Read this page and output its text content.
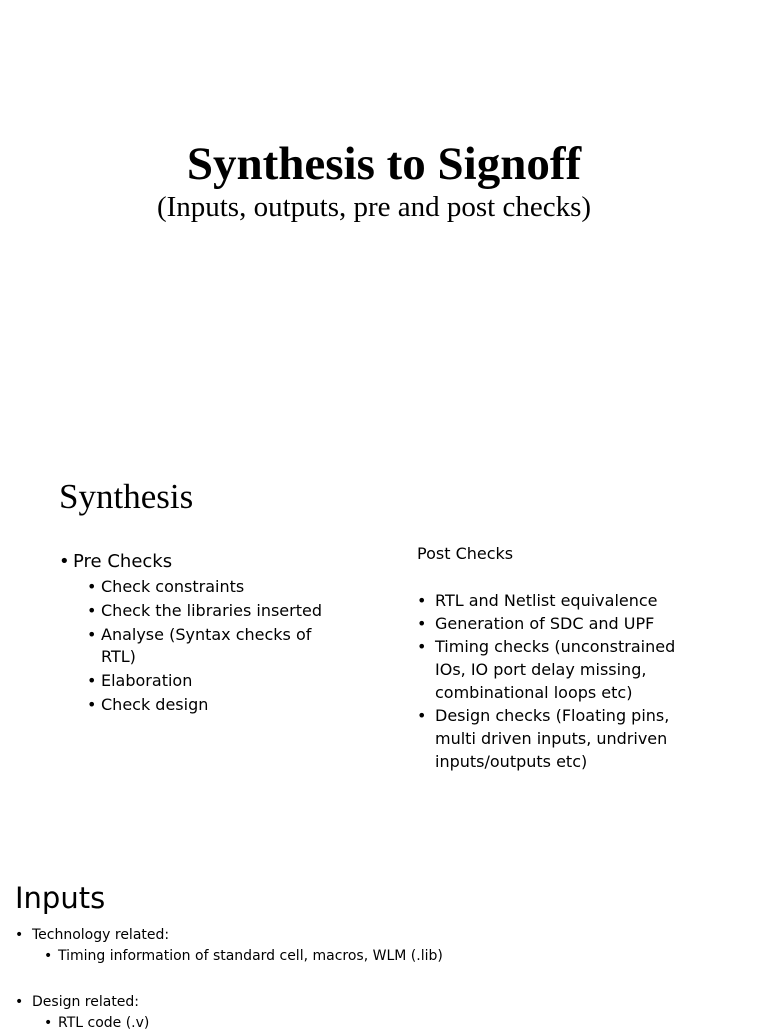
Synthesis to Signoff
(Inputs, outputs, pre and post checks)
Synthesis
• Pre Checks
• Check constraints
• Check the libraries inserted
• Analyse (Syntax checks of RTL)
• Elaboration
• Check design

Post Checks

• RTL and Netlist equivalence
• Generation of SDC and UPF
• Timing checks (unconstrained IOs, IO port delay missing, combinational loops etc)
• Design checks (Floating pins, multi driven inputs, undriven inputs/outputs etc)
Inputs
• Technology related:
• Timing information of standard cell, macros, WLM (.lib)
• Design related:
• RTL code (.v)
